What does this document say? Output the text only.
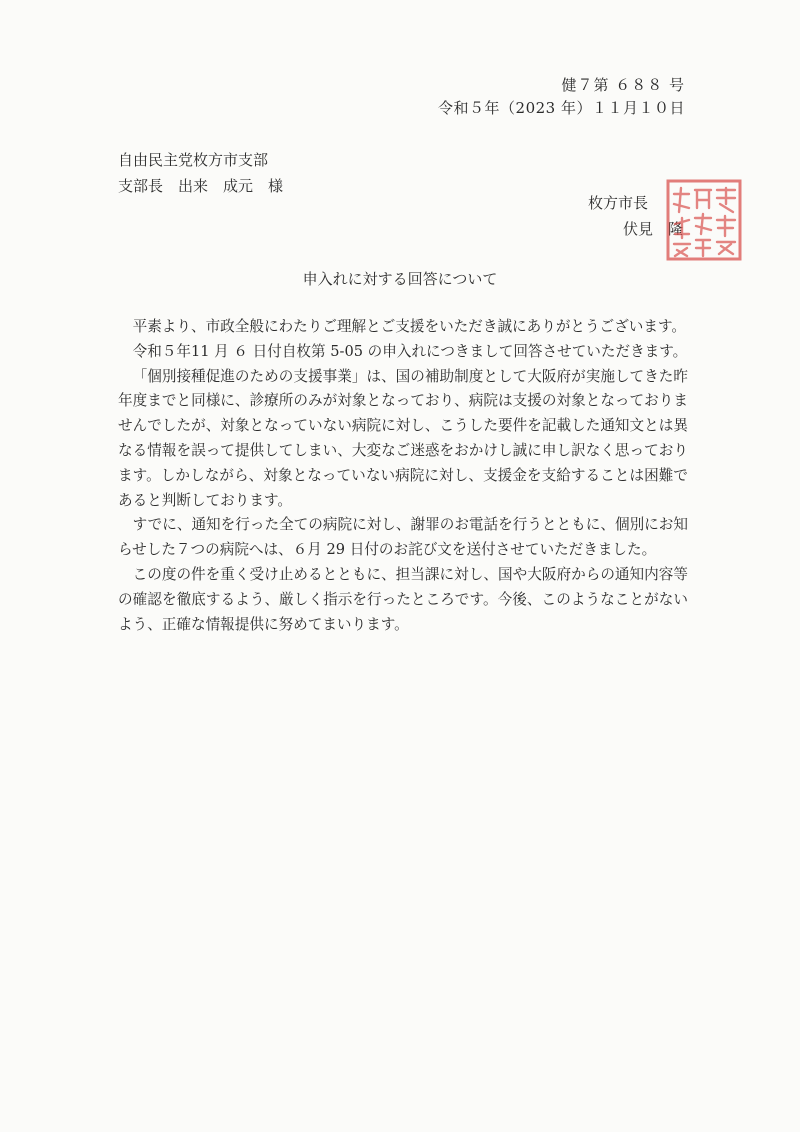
健７第 ６８８ 号
令和５年（2023 年）１１月１０日
自由民主党枚方市支部
支部長　出来　成元　様
枚方市長
伏見　隆
申入れに対する回答について

平素より、市政全般にわたりご理解とご支援をいただき誠にありがとうございます。

令和５年11 月 ６ 日付自枚第 5-05 の申入れにつきまして回答させていただきます。

「個別接種促進のための支援事業」は、国の補助制度として大阪府が実施してきた昨年度までと同様に、診療所のみが対象となっており、病院は支援の対象となっておりませんでしたが、対象となっていない病院に対し、こうした要件を記載した通知文とは異なる情報を誤って提供してしまい、大変なご迷惑をおかけし誠に申し訳なく思っております。しかしながら、対象となっていない病院に対し、支援金を支給することは困難であると判断しております。

すでに、通知を行った全ての病院に対し、謝罪のお電話を行うとともに、個別にお知らせした７つの病院へは、６月 29 日付のお詫び文を送付させていただきました。

この度の件を重く受け止めるとともに、担当課に対し、国や大阪府からの通知内容等の確認を徹底するよう、厳しく指示を行ったところです。今後、このようなことがないよう、正確な情報提供に努めてまいります。
